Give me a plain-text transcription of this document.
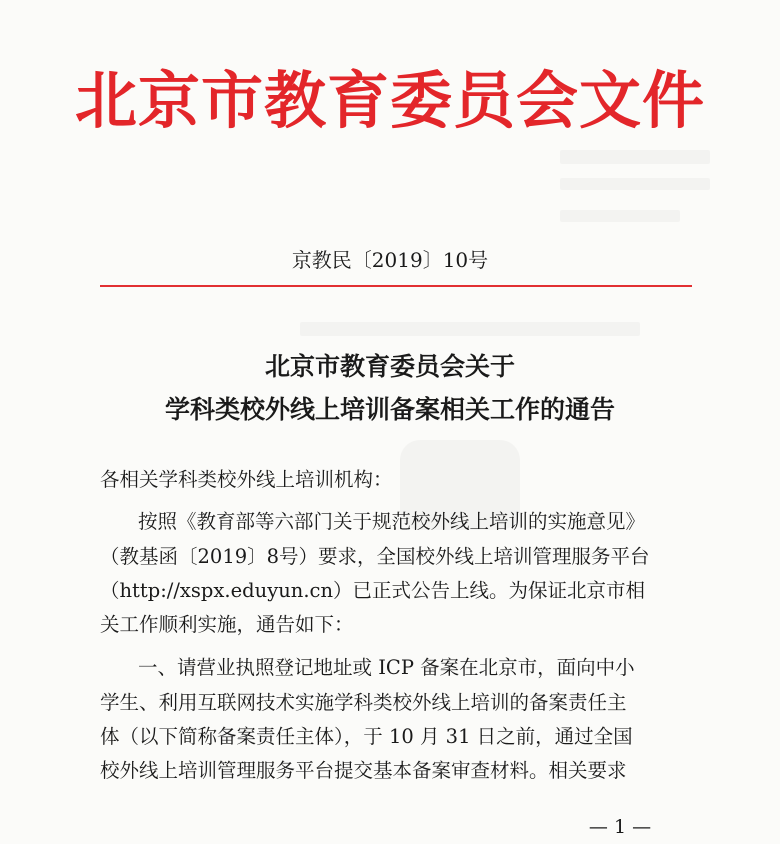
北京市教育委员会文件
京教民〔2019〕10号
北京市教育委员会关于
学科类校外线上培训备案相关工作的通告
各相关学科类校外线上培训机构：
按照《教育部等六部门关于规范校外线上培训的实施意见》
（教基函〔2019〕8号）要求，全国校外线上培训管理服务平台
（http://xspx.eduyun.cn）已正式公告上线。为保证北京市相
关工作顺利实施，通告如下：
一、请营业执照登记地址或 ICP 备案在北京市，面向中小
学生、利用互联网技术实施学科类校外线上培训的备案责任主
体（以下简称备案责任主体），于 10 月 31 日之前，通过全国
校外线上培训管理服务平台提交基本备案审查材料。相关要求
— 1 —
